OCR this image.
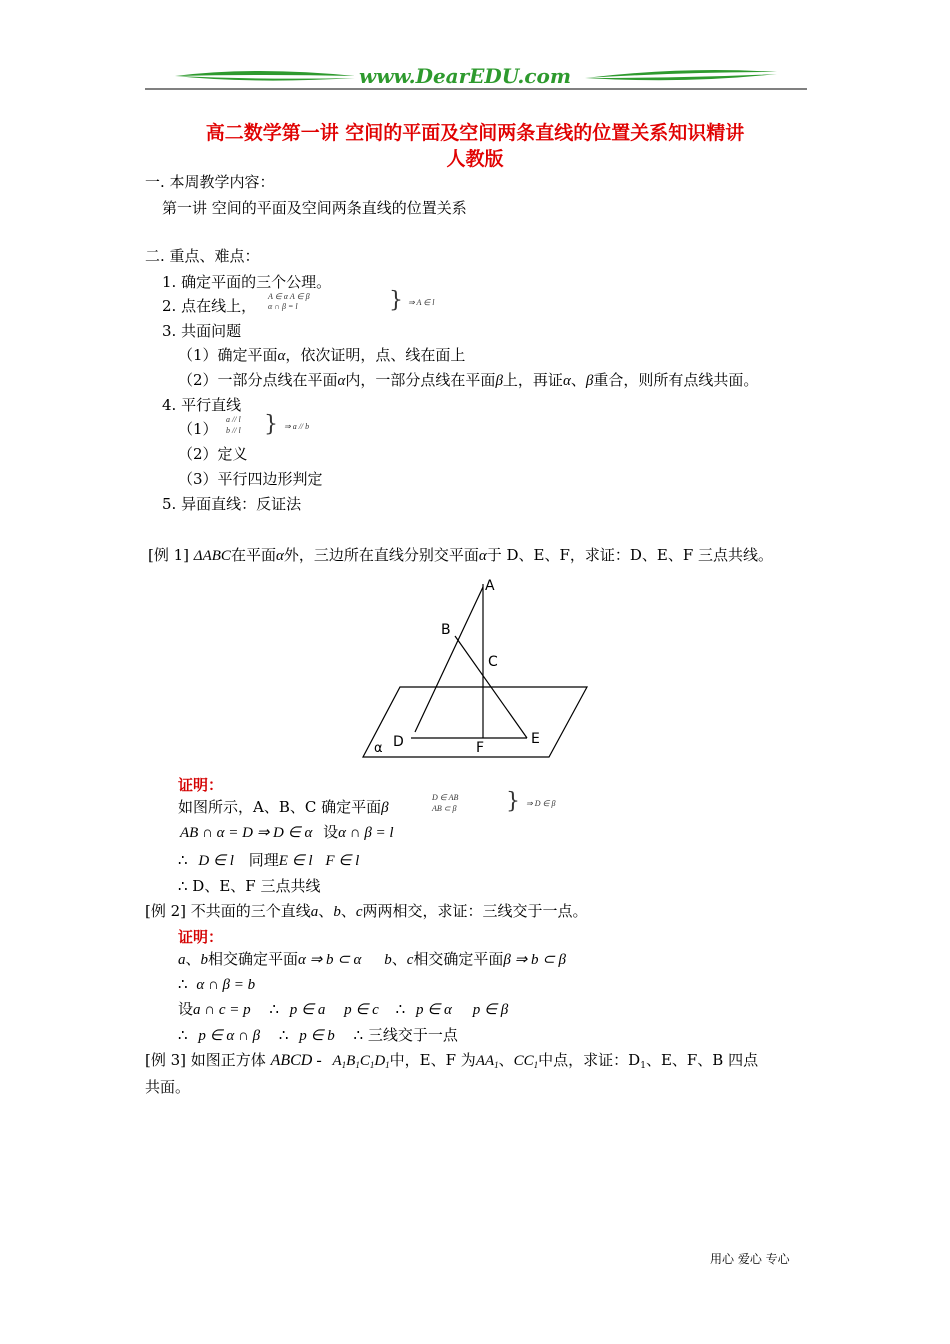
www.DearEDU.com
高二数学第一讲 空间的平面及空间两条直线的位置关系知识精讲
人教版
一. 本周教学内容：
第一讲 空间的平面及空间两条直线的位置关系
二. 重点、难点：
1. 确定平面的三个公理。
2. 点在线上，
A ∈ α A ∈ β
α ∩ β = l	} ⇒ A ∈ l
3. 共面问题
（1）确定平面α，依次证明，点、线在面上
（2）一部分点线在平面α内，一部分点线在平面β上，再证α、β重合，则所有点线共面。
4. 平行直线
（1）
a // l
b // l } ⇒ a // b
（2）定义
（3）平行四边形判定
5. 异面直线：反证法
[例 1] ΔABC在平面α外，三边所在直线分别交平面α于 D、E、F，求证：D、E、F 三点共线。
A
B
C
D	E
F
α
证明：
如图所示，A、B、C 确定平面β
D ∈ AB
AB ⊂ β } ⇒ D ∈ β
AB ∩ α = D ⇒ D ∈ α 设α ∩ β = l
∴ D ∈ l 同理E ∈ l F ∈ l
∴ D、E、F 三点共线
[例 2] 不共面的三个直线a、b、c两两相交，求证：三线交于一点。
证明：
a、b相交确定平面α ⇒ b ⊂ α b、c相交确定平面β ⇒ b ⊂ β
∴ α ∩ β = b
设a ∩ c = p ∴ p ∈ a p ∈ c ∴ p ∈ α p ∈ β
∴ p ∈ α ∩ β ∴ p ∈ b ∴ 三线交于一点
[例 3] 如图正方体 ABCD - $A_1B_1C_1D_1$中，E、F 为$AA_1$、$CC_1$中点，求证：$D_1$、E、F、B 四点
共面。
用心 爱心 专心
